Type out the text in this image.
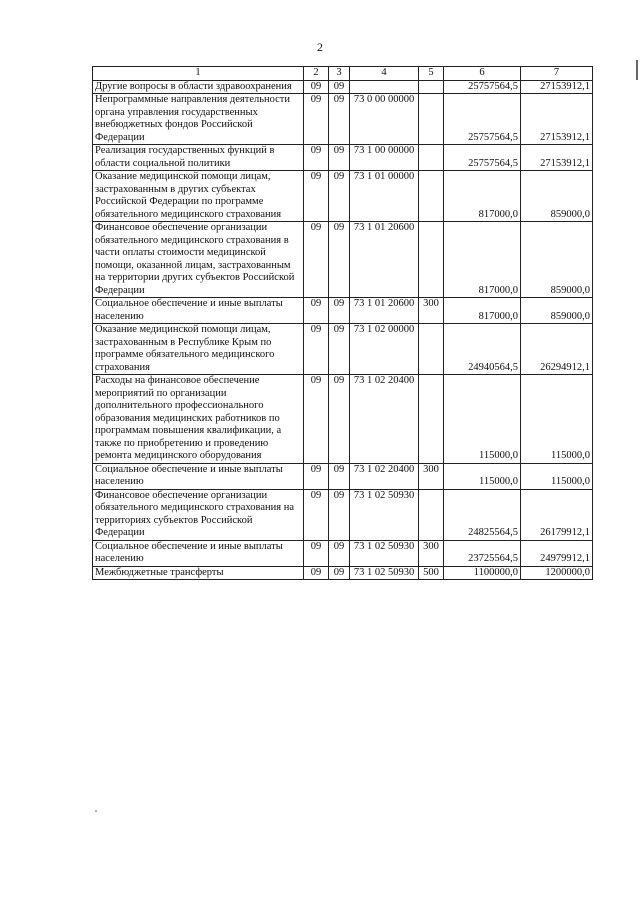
2
1	2	3	4	5	6	7
Другие вопросы в области здравоохранения	09	09			25757564,5	27153912,1
Непрограммные направления деятельности органа управления государственных внебюджетных фондов Российской Федерации	09	09	73 0 00 00000		25757564,5	27153912,1
Реализация государственных функций в области социальной политики	09	09	73 1 00 00000		25757564,5	27153912,1
Оказание медицинской помощи лицам, застрахованным в других субъектах Российской Федерации по программе обязательного медицинского страхования	09	09	73 1 01 00000		817000,0	859000,0
Финансовое обеспечение организации обязательного медицинского страхования в части оплаты стоимости медицинской помощи, оказанной лицам, застрахованным на территории других субъектов Российской Федерации	09	09	73 1 01 20600		817000,0	859000,0
Социальное обеспечение и иные выплаты населению	09	09	73 1 01 20600	300	817000,0	859000,0
Оказание медицинской помощи лицам, застрахованным в Республике Крым по программе обязательного медицинского страхования	09	09	73 1 02 00000		24940564,5	26294912,1
Расходы на финансовое обеспечение мероприятий по организации дополнительного профессионального образования медицинских работников по программам повышения квалификации, а также по приобретению и проведению ремонта медицинского оборудования	09	09	73 1 02 20400		115000,0	115000,0
Социальное обеспечение и иные выплаты населению	09	09	73 1 02 20400	300	115000,0	115000,0
Финансовое обеспечение организации обязательного медицинского страхования на территориях субъектов Российской Федерации	09	09	73 1 02 50930		24825564,5	26179912,1
Социальное обеспечение и иные выплаты населению	09	09	73 1 02 50930	300	23725564,5	24979912,1
Межбюджетные трансферты	09	09	73 1 02 50930	500	1100000,0	1200000,0
